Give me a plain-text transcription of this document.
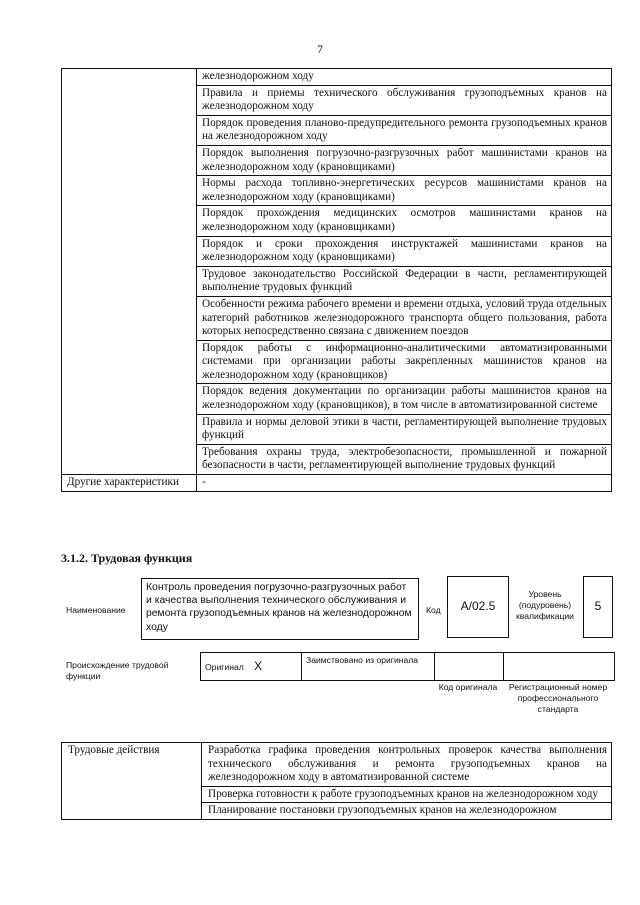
7
	железнодорожном ходу
	Правила и приемы технического обслуживания грузоподъемных кранов на железнодорожном ходу
	Порядок проведения планово-предупредительного ремонта грузоподъемных кранов на железнодорожном ходу
	Порядок выполнения погрузочно-разгрузочных работ машинистами кранов на железнодорожном ходу (крановщиками)
	Нормы расхода топливно-энергетических ресурсов машинистами кранов на железнодорожном ходу (крановщиками)
	Порядок прохождения медицинских осмотров машинистами кранов на железнодорожном ходу (крановщиками)
	Порядок и сроки прохождения инструктажей машинистами кранов на железнодорожном ходу (крановщиками)
	Трудовое законодательство Российской Федерации в части, регламентирующей выполнение трудовых функций
	Особенности режима рабочего времени и времени отдыха, условий труда отдельных категорий работников железнодорожного транспорта общего пользования, работа которых непосредственно связана с движением поездов
	Порядок работы с информационно-аналитическими автоматизированными системами при организации работы закрепленных машинистов кранов на железнодорожном ходу (крановщиков)
	Порядок ведения документации по организации работы машинистов кранов на железнодорожном ходу (крановщиков), в том числе в автоматизированной системе
	Правила и нормы деловой этики в части, регламентирующей выполнение трудовых функций
	Требования охраны труда, электробезопасности, промышленной и пожарной безопасности в части, регламентирующей выполнение трудовых функций
Другие характеристики	-
3.1.2. Трудовая функция
Наименование
Контроль проведения погрузочно-разгрузочных работ и качества выполнения технического обслуживания и ремонта грузоподъемных кранов на железнодорожном ходу
Код	А/02.5
Уровень (подуровень) квалификации
5
Происхождение трудовой функции
Оригинал X	Заимствовано из оригинала		
Код оригинала	Регистрационный номер профессионального стандарта
Трудовые действия	Разработка графика проведения контрольных проверок качества выполнения технического обслуживания и ремонта грузоподъемных кранов на железнодорожном ходу в автоматизированной системе
Проверка готовности к работе грузоподъемных кранов на железнодорожном ходу
Планирование постановки грузоподъемных кранов на железнодорожном
